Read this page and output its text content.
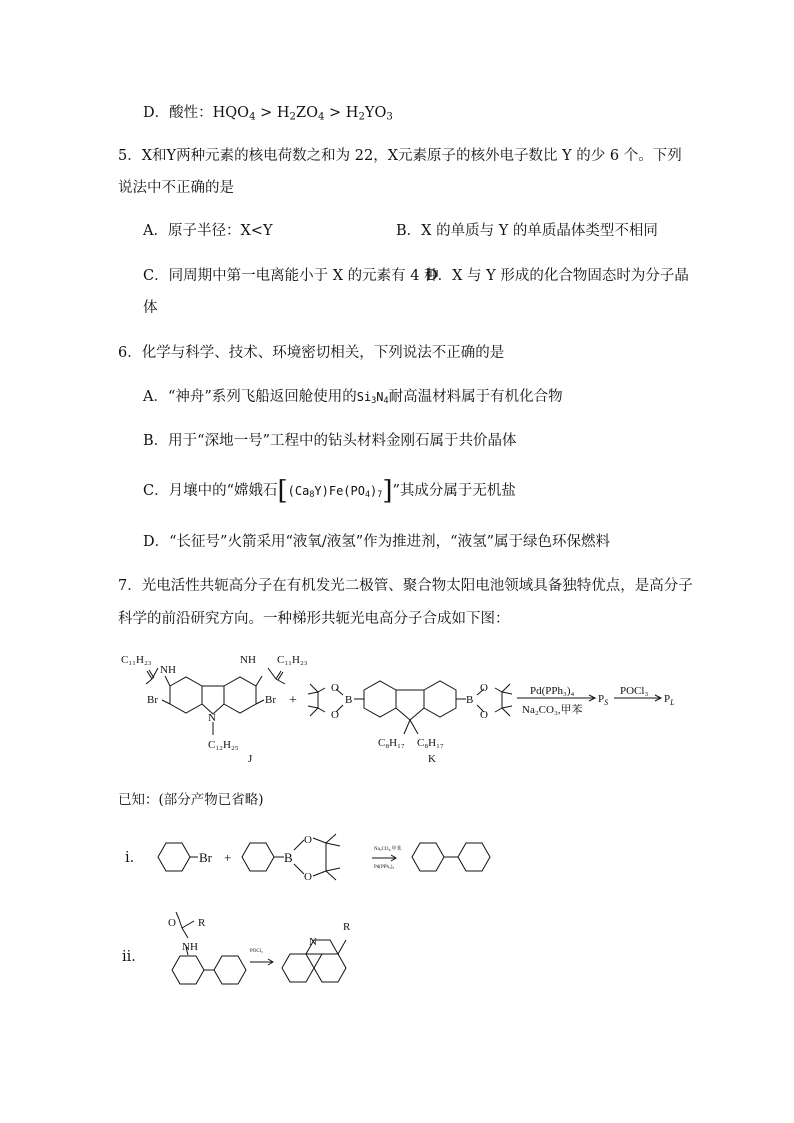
D．酸性：$HQO_4 > H_2ZO_4 > H_2YO_3$
5．X和Y两种元素的核电荷数之和为 22，X元素原子的核外电子数比 Y 的少 6 个。下列
说法中不正确的是
A．原子半径：X<Y	B．X 的单质与 Y 的单质晶体类型不相同
C．同周期中第一电离能小于 X 的元素有 4 种
D．X 与 Y 形成的化合物固态时为分子晶
体
6．化学与科学、技术、环境密切相关，下列说法不正确的是
A．“神舟”系列飞船返回舱使用的$Si_3N_4$耐高温材料属于有机化合物
B．用于“深地一号”工程中的钻头材料金刚石属于共价晶体
C．月壤中的“嫦娥石$[(Ca_8Y)Fe(PO_4)_7]$”其成分属于无机盐
D．“长征号”火箭采用“液氧/液氢”作为推进剂，“液氢”属于绿色环保燃料
7．光电活性共轭高分子在有机发光二极管、聚合物太阳电池领域具备独特优点，是高分子
科学的前沿研究方向。一种梯形共轭光电高分子合成如下图：
C₁₁H₂₃
NH
Br
NH C₁₁H₂₃
Br
N
C₁₂H₂₅
J
+	B
O
O
B
O
O
C₈H₁₇ C₈H₁₇
K
Pd(PPh₃)₄
Na₂CO₃,甲苯
$P_S$
POCl₃
$P_L$
Br +	B
O
O
Na₂CO₃,甲苯
Pd(PPh₃)₄
O R
NH	POCl₃
N
R
已知：(部分产物已省略)
i．
ii．
